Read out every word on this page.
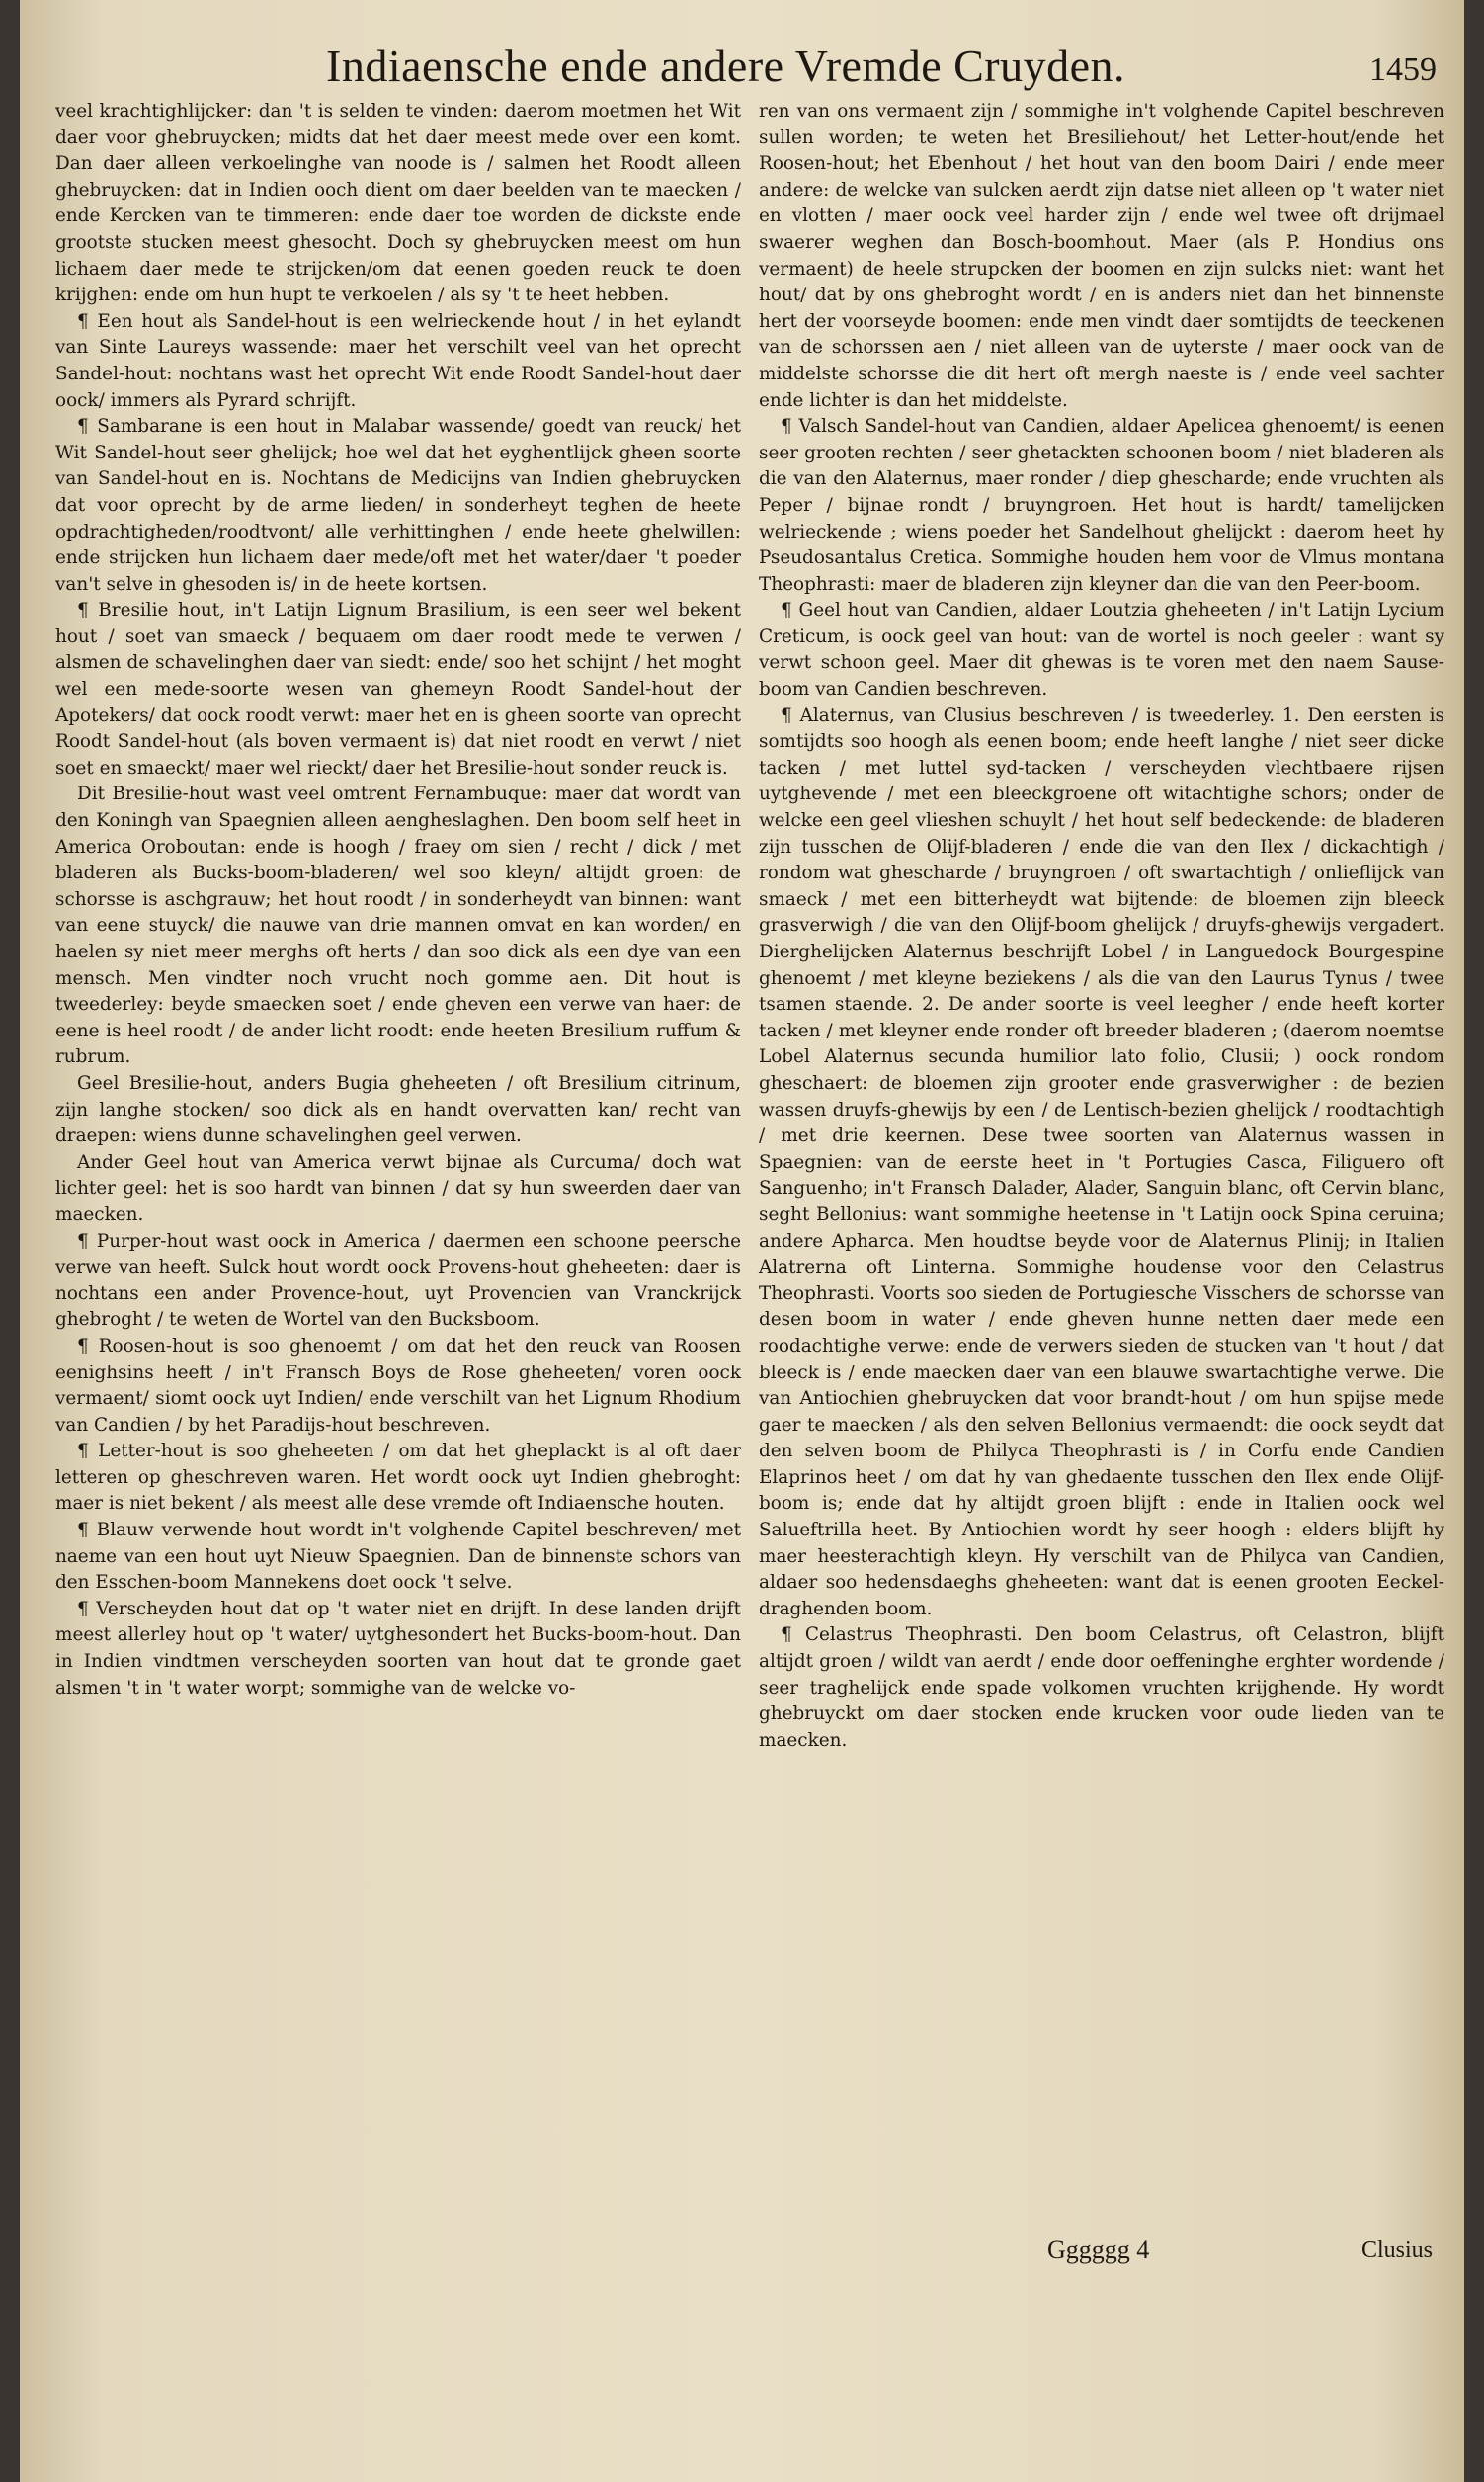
Indiaensche ende andere Vremde Cruyden.	1459

veel krachtighlijcker: dan 't is selden te vinden: daerom moetmen het Wit daer voor ghebruycken; midts dat het daer meest mede over een komt. Dan daer alleen verkoelinghe van noode is / salmen het Roodt alleen ghebruycken: dat in Indien ooch dient om daer beelden van te maecken / ende Kercken van te timmeren: ende daer toe worden de dickste ende grootste stucken meest ghesocht. Doch sy ghebruycken meest om hun lichaem daer mede te strijcken/om dat eenen goeden reuck te doen krijghen: ende om hun hupt te verkoelen / als sy 't te heet hebben.

¶ Een hout als Sandel-hout is een welrieckende hout / in het eylandt van Sinte Laureys wassende: maer het verschilt veel van het oprecht Sandel-hout: nochtans wast het oprecht Wit ende Roodt Sandel-hout daer oock/ immers als Pyrard schrijft.

¶ Sambarane is een hout in Malabar wassende/ goedt van reuck/ het Wit Sandel-hout seer ghelijck; hoe wel dat het eyghentlijck gheen soorte van Sandel-hout en is. Nochtans de Medicijns van Indien ghebruycken dat voor oprecht by de arme lieden/ in sonderheyt teghen de heete opdrachtigheden/roodtvont/ alle verhittinghen / ende heete ghelwillen: ende strijcken hun lichaem daer mede/oft met het water/daer 't poeder van't selve in ghesoden is/ in de heete kortsen.

¶ Bresilie hout, in't Latijn Lignum Brasilium, is een seer wel bekent hout / soet van smaeck / bequaem om daer roodt mede te verwen / alsmen de schavelinghen daer van siedt: ende/ soo het schijnt / het moght wel een mede-soorte wesen van ghemeyn Roodt Sandel-hout der Apotekers/ dat oock roodt verwt: maer het en is gheen soorte van oprecht Roodt Sandel-hout (als boven vermaent is) dat niet roodt en verwt / niet soet en smaeckt/ maer wel rieckt/ daer het Bresilie-hout sonder reuck is.

Dit Bresilie-hout wast veel omtrent Fernambuque: maer dat wordt van den Koningh van Spaegnien alleen aengheslaghen. Den boom self heet in America Oroboutan: ende is hoogh / fraey om sien / recht / dick / met bladeren als Bucks-boom-bladeren/ wel soo kleyn/ altijdt groen: de schorsse is aschgrauw; het hout roodt / in sonderheydt van binnen: want van eene stuyck/ die nauwe van drie mannen omvat en kan worden/ en haelen sy niet meer merghs oft herts / dan soo dick als een dye van een mensch. Men vindter noch vrucht noch gomme aen. Dit hout is tweederley: beyde smaecken soet / ende gheven een verwe van haer: de eene is heel roodt / de ander licht roodt: ende heeten Bresilium ruffum & rubrum.

Geel Bresilie-hout, anders Bugia gheheeten / oft Bresilium citrinum, zijn langhe stocken/ soo dick als en handt overvatten kan/ recht van draepen: wiens dunne schavelinghen geel verwen.

Ander Geel hout van America verwt bijnae als Curcuma/ doch wat lichter geel: het is soo hardt van binnen / dat sy hun sweerden daer van maecken.

¶ Purper-hout wast oock in America / daermen een schoone peersche verwe van heeft. Sulck hout wordt oock Provens-hout gheheeten: daer is nochtans een ander Provence-hout, uyt Provencien van Vranckrijck ghebroght / te weten de Wortel van den Bucksboom.

¶ Roosen-hout is soo ghenoemt / om dat het den reuck van Roosen eenighsins heeft / in't Fransch Boys de Rose gheheeten/ voren oock vermaent/ siomt oock uyt Indien/ ende verschilt van het Lignum Rhodium van Candien / by het Paradijs-hout beschreven.

¶ Letter-hout is soo gheheeten / om dat het gheplackt is al oft daer letteren op gheschreven waren. Het wordt oock uyt Indien ghebroght: maer is niet bekent / als meest alle dese vremde oft Indiaensche houten.

¶ Blauw verwende hout wordt in't volghende Capitel beschreven/ met naeme van een hout uyt Nieuw Spaegnien. Dan de binnenste schors van den Esschen-boom Mannekens doet oock 't selve.

¶ Verscheyden hout dat op 't water niet en drijft. In dese landen drijft meest allerley hout op 't water/ uytghesondert het Bucks-boom-hout. Dan in Indien vindtmen verscheyden soorten van hout dat te gronde gaet alsmen 't in 't water worpt; sommighe van de welcke vo-

ren van ons vermaent zijn / sommighe in't volghende Capitel beschreven sullen worden; te weten het Bresiliehout/ het Letter-hout/ende het Roosen-hout; het Ebenhout / het hout van den boom Dairi / ende meer andere: de welcke van sulcken aerdt zijn datse niet alleen op 't water niet en vlotten / maer oock veel harder zijn / ende wel twee oft drijmael swaerer weghen dan Bosch-boomhout. Maer (als P. Hondius ons vermaent) de heele strupcken der boomen en zijn sulcks niet: want het hout/ dat by ons ghebroght wordt / en is anders niet dan het binnenste hert der voorseyde boomen: ende men vindt daer somtijdts de teeckenen van de schorssen aen / niet alleen van de uyterste / maer oock van de middelste schorsse die dit hert oft mergh naeste is / ende veel sachter ende lichter is dan het middelste.

¶ Valsch Sandel-hout van Candien, aldaer Apelicea ghenoemt/ is eenen seer grooten rechten / seer ghetackten schoonen boom / niet bladeren als die van den Alaternus, maer ronder / diep ghescharde; ende vruchten als Peper / bijnae rondt / bruyngroen. Het hout is hardt/ tamelijcken welrieckende ; wiens poeder het Sandelhout ghelijckt : daerom heet hy Pseudosantalus Cretica. Sommighe houden hem voor de Vlmus montana Theophrasti: maer de bladeren zijn kleyner dan die van den Peer-boom.

¶ Geel hout van Candien, aldaer Loutzia gheheeten / in't Latijn Lycium Creticum, is oock geel van hout: van de wortel is noch geeler : want sy verwt schoon geel. Maer dit ghewas is te voren met den naem Sause-boom van Candien beschreven.

¶ Alaternus, van Clusius beschreven / is tweederley. 1. Den eersten is somtijdts soo hoogh als eenen boom; ende heeft langhe / niet seer dicke tacken / met luttel syd-tacken / verscheyden vlechtbaere rijsen uytghevende / met een bleeckgroene oft witachtighe schors; onder de welcke een geel vlieshen schuylt / het hout self bedeckende: de bladeren zijn tusschen de Olijf-bladeren / ende die van den Ilex / dickachtigh / rondom wat ghescharde / bruyngroen / oft swartachtigh / onlieflijck van smaeck / met een bitterheydt wat bijtende: de bloemen zijn bleeck grasverwigh / die van den Olijf-boom ghelijck / druyfs-ghewijs vergadert. Dierghelijcken Alaternus beschrijft Lobel / in Languedock Bourgespine ghenoemt / met kleyne beziekens / als die van den Laurus Tynus / twee tsamen staende. 2. De ander soorte is veel leegher / ende heeft korter tacken / met kleyner ende ronder oft breeder bladeren ; (daerom noemtse Lobel Alaternus secunda humilior lato folio, Clusii; ) oock rondom gheschaert: de bloemen zijn grooter ende grasverwigher : de bezien wassen druyfs-ghewijs by een / de Lentisch-bezien ghelijck / roodtachtigh / met drie keernen. Dese twee soorten van Alaternus wassen in Spaegnien: van de eerste heet in 't Portugies Casca, Filiguero oft Sanguenho; in't Fransch Dalader, Alader, Sanguin blanc, oft Cervin blanc, seght Bellonius: want sommighe heetense in 't Latijn oock Spina ceruina; andere Apharca. Men houdtse beyde voor de Alaternus Plinij; in Italien Alatrerna oft Linterna. Sommighe houdense voor den Celastrus Theophrasti. Voorts soo sieden de Portugiesche Visschers de schorsse van desen boom in water / ende gheven hunne netten daer mede een roodachtighe verwe: ende de verwers sieden de stucken van 't hout / dat bleeck is / ende maecken daer van een blauwe swartachtighe verwe. Die van Antiochien ghebruycken dat voor brandt-hout / om hun spijse mede gaer te maecken / als den selven Bellonius vermaendt: die oock seydt dat den selven boom de Philyca Theophrasti is / in Corfu ende Candien Elaprinos heet / om dat hy van ghedaente tusschen den Ilex ende Olijf-boom is; ende dat hy altijdt groen blijft : ende in Italien oock wel Salueftrilla heet. By Antiochien wordt hy seer hoogh : elders blijft hy maer heesterachtigh kleyn. Hy verschilt van de Philyca van Candien, aldaer soo hedensdaeghs gheheeten: want dat is eenen grooten Eeckel-draghenden boom.

¶ Celastrus Theophrasti. Den boom Celastrus, oft Celastron, blijft altijdt groen / wildt van aerdt / ende door oeffeninghe erghter wordende / seer traghelijck ende spade volkomen vruchten krijghende. Hy wordt ghebruyckt om daer stocken ende krucken voor oude lieden van te maecken.

Gggggg 4	Clusius
